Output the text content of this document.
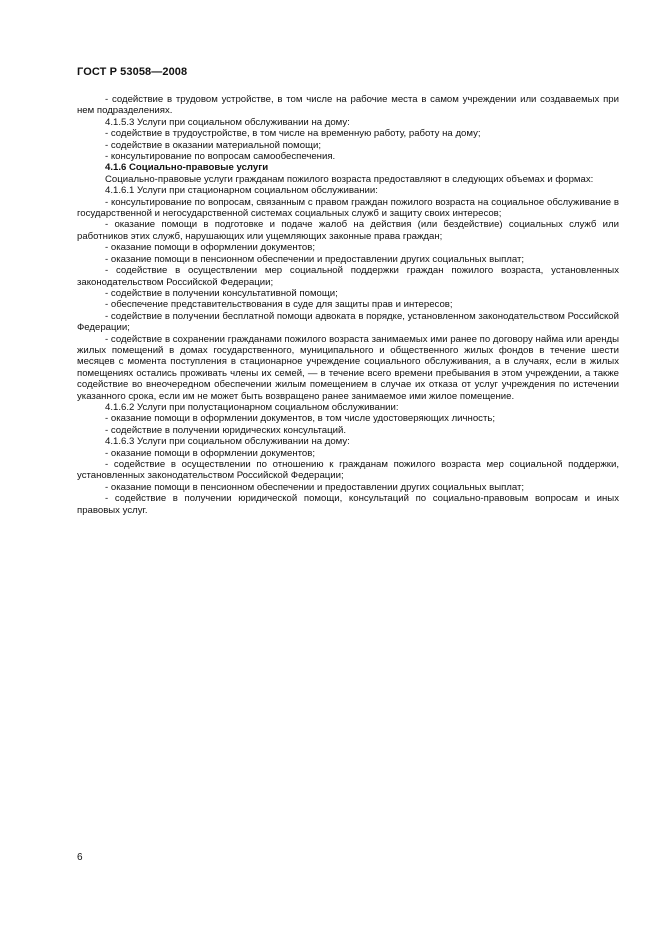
ГОСТ Р 53058—2008

- содействие в трудовом устройстве, в том числе на рабочие места в самом учреждении или создаваемых при нем подразделениях.

4.1.5.3 Услуги при социальном обслуживании на дому:

- содействие в трудоустройстве, в том числе на временную работу, работу на дому;

- содействие в оказании материальной помощи;

- консультирование по вопросам самообеспечения.

4.1.6 Социально-правовые услуги

Социально-правовые услуги гражданам пожилого возраста предоставляют в следующих объемах и формах:

4.1.6.1 Услуги при стационарном социальном обслуживании:

- консультирование по вопросам, связанным с правом граждан пожилого возраста на социальное обслуживание в государственной и негосударственной системах социальных служб и защиту своих интересов;

- оказание помощи в подготовке и подаче жалоб на действия (или бездействие) социальных служб или работников этих служб, нарушающих или ущемляющих законные права граждан;

- оказание помощи в оформлении документов;

- оказание помощи в пенсионном обеспечении и предоставлении других социальных выплат;

- содействие в осуществлении мер социальной поддержки граждан пожилого возраста, установленных законодательством Российской Федерации;

- содействие в получении консультативной помощи;

- обеспечение представительствования в суде для защиты прав и интересов;

- содействие в получении бесплатной помощи адвоката в порядке, установленном законодательством Российской Федерации;

- содействие в сохранении гражданами пожилого возраста занимаемых ими ранее по договору найма или аренды жилых помещений в домах государственного, муниципального и общественного жилых фондов в течение шести месяцев с момента поступления в стационарное учреждение социального обслуживания, а в случаях, если в жилых помещениях остались проживать члены их семей, — в течение всего времени пребывания в этом учреждении, а также содействие во внеочередном обеспечении жилым помещением в случае их отказа от услуг учреждения по истечении указанного срока, если им не может быть возвращено ранее занимаемое ими жилое помещение.

4.1.6.2 Услуги при полустационарном социальном обслуживании:

- оказание помощи в оформлении документов, в том числе удостоверяющих личность;

- содействие в получении юридических консультаций.

4.1.6.3 Услуги при социальном обслуживании на дому:

- оказание помощи в оформлении документов;

- содействие в осуществлении по отношению к гражданам пожилого возраста мер социальной поддержки, установленных законодательством Российской Федерации;

- оказание помощи в пенсионном обеспечении и предоставлении других социальных выплат;

- содействие в получении юридической помощи, консультаций по социально-правовым вопросам и иных правовых услуг.

6
